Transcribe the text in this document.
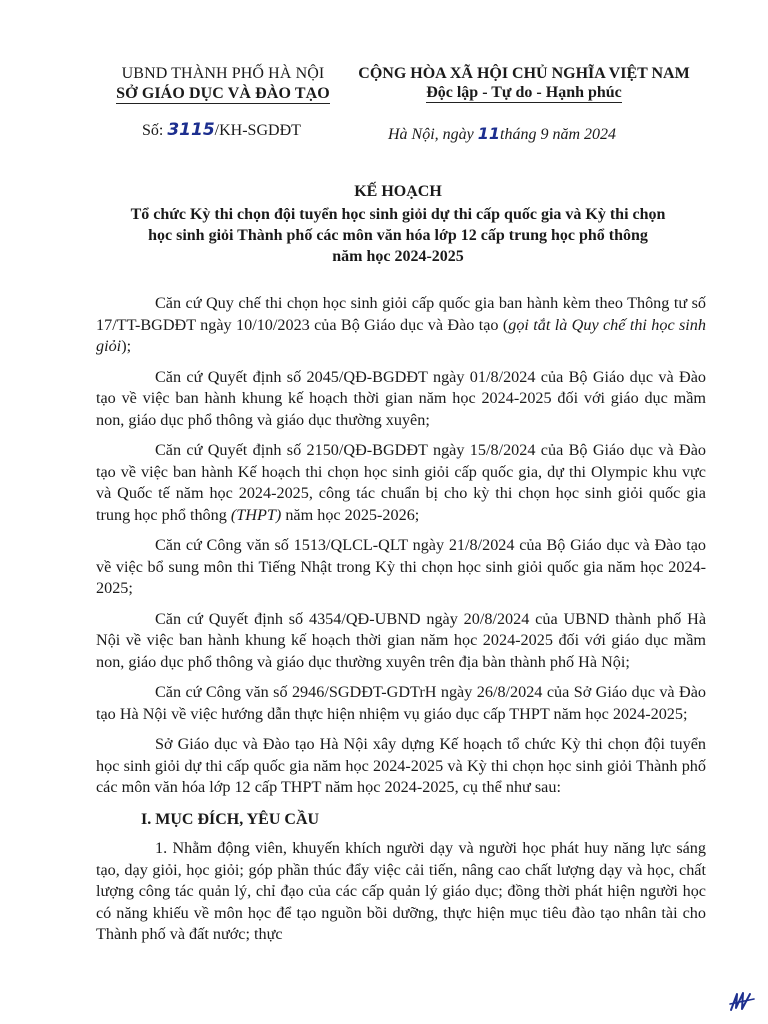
UBND THÀNH PHỐ HÀ NỘI
SỞ GIÁO DỤC VÀ ĐÀO TẠO
CỘNG HÒA XÃ HỘI CHỦ NGHĨA VIỆT NAM
Độc lập - Tự do - Hạnh phúc
Số: 3115/KH-SGDĐT	Hà Nội, ngày 11tháng 9 năm 2024
KẾ HOẠCH
Tổ chức Kỳ thi chọn đội tuyển học sinh giỏi dự thi cấp quốc gia và Kỳ thi chọn
học sinh giỏi Thành phố các môn văn hóa lớp 12 cấp trung học phổ thông
năm học 2024-2025

Căn cứ Quy chế thi chọn học sinh giỏi cấp quốc gia ban hành kèm theo Thông tư số 17/TT-BGDĐT ngày 10/10/2023 của Bộ Giáo dục và Đào tạo (gọi tắt là Quy chế thi học sinh giỏi);

Căn cứ Quyết định số 2045/QĐ-BGDĐT ngày 01/8/2024 của Bộ Giáo dục và Đào tạo về việc ban hành khung kế hoạch thời gian năm học 2024-2025 đối với giáo dục mầm non, giáo dục phổ thông và giáo dục thường xuyên;

Căn cứ Quyết định số 2150/QĐ-BGDĐT ngày 15/8/2024 của Bộ Giáo dục và Đào tạo về việc ban hành Kế hoạch thi chọn học sinh giỏi cấp quốc gia, dự thi Olympic khu vực và Quốc tế năm học 2024-2025, công tác chuẩn bị cho kỳ thi chọn học sinh giỏi quốc gia trung học phổ thông (THPT) năm học 2025-2026;

Căn cứ Công văn số 1513/QLCL-QLT ngày 21/8/2024 của Bộ Giáo dục và Đào tạo về việc bổ sung môn thi Tiếng Nhật trong Kỳ thi chọn học sinh giỏi quốc gia năm học 2024-2025;

Căn cứ Quyết định số 4354/QĐ-UBND ngày 20/8/2024 của UBND thành phố Hà Nội về việc ban hành khung kế hoạch thời gian năm học 2024-2025 đối với giáo dục mầm non, giáo dục phổ thông và giáo dục thường xuyên trên địa bàn thành phố Hà Nội;

Căn cứ Công văn số 2946/SGDĐT-GDTrH ngày 26/8/2024 của Sở Giáo dục và Đào tạo Hà Nội về việc hướng dẫn thực hiện nhiệm vụ giáo dục cấp THPT năm học 2024-2025;

Sở Giáo dục và Đào tạo Hà Nội xây dựng Kế hoạch tổ chức Kỳ thi chọn đội tuyển học sinh giỏi dự thi cấp quốc gia năm học 2024-2025 và Kỳ thi chọn học sinh giỏi Thành phố các môn văn hóa lớp 12 cấp THPT năm học 2024-2025, cụ thể như sau:

I. MỤC ĐÍCH, YÊU CẦU

1. Nhằm động viên, khuyến khích người dạy và người học phát huy năng lực sáng tạo, dạy giỏi, học giỏi; góp phần thúc đẩy việc cải tiến, nâng cao chất lượng dạy và học, chất lượng công tác quản lý, chỉ đạo của các cấp quản lý giáo dục; đồng thời phát hiện người học có năng khiếu về môn học để tạo nguồn bồi dưỡng, thực hiện mục tiêu đào tạo nhân tài cho Thành phố và đất nước; thực
